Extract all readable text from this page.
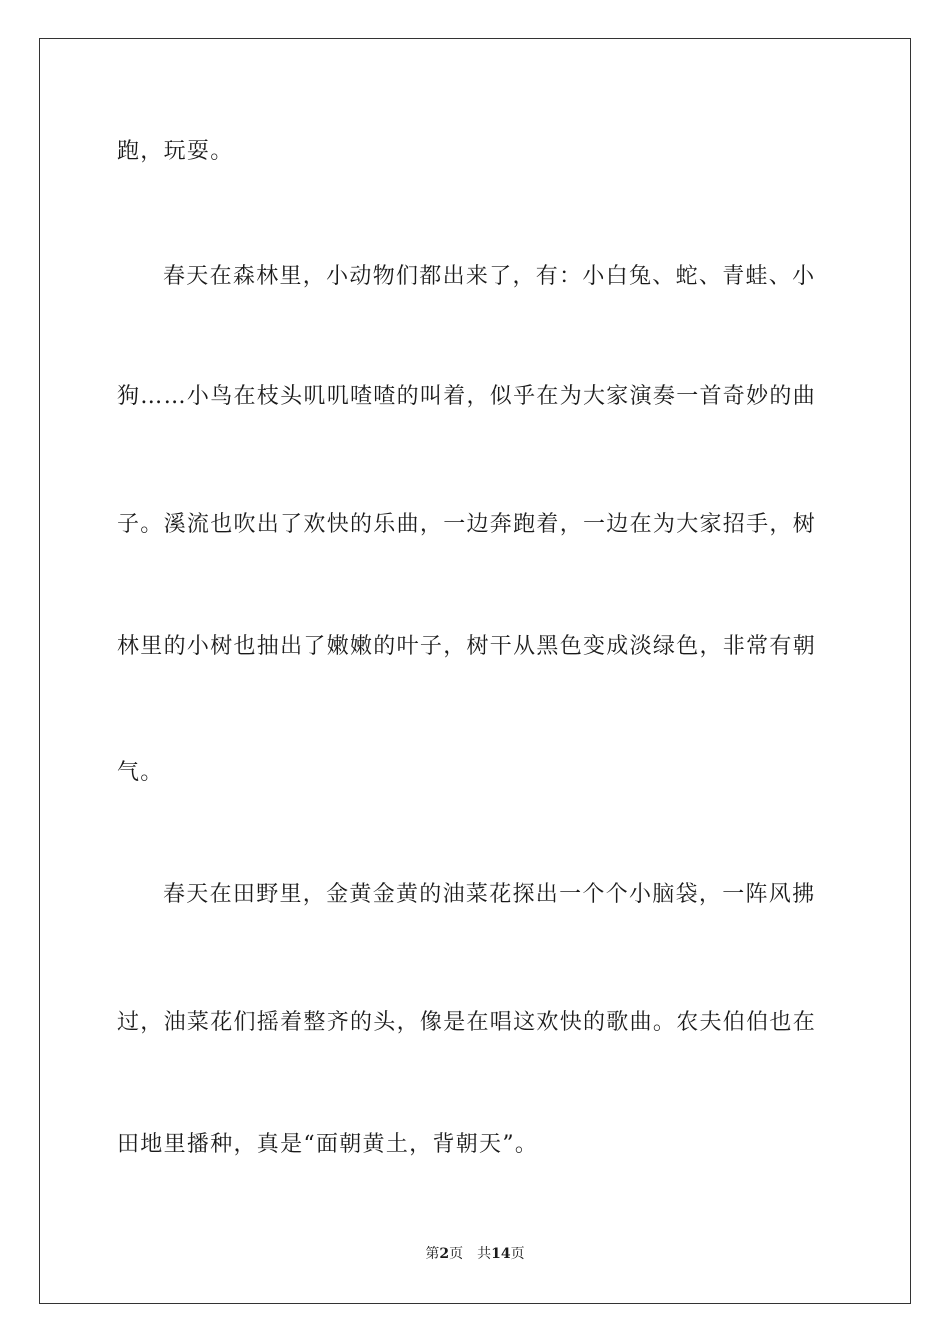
跑，玩耍。
春天在森林里，小动物们都出来了，有：小白兔、蛇、青蛙、小
狗……小鸟在枝头叽叽喳喳的叫着，似乎在为大家演奏一首奇妙的曲
子。溪流也吹出了欢快的乐曲，一边奔跑着，一边在为大家招手，树
林里的小树也抽出了嫩嫩的叶子，树干从黑色变成淡绿色，非常有朝
气。
春天在田野里，金黄金黄的油菜花探出一个个小脑袋，一阵风拂
过，油菜花们摇着整齐的头，像是在唱这欢快的歌曲。农夫伯伯也在
田地里播种，真是“面朝黄土，背朝天”。
第2页 共14页
